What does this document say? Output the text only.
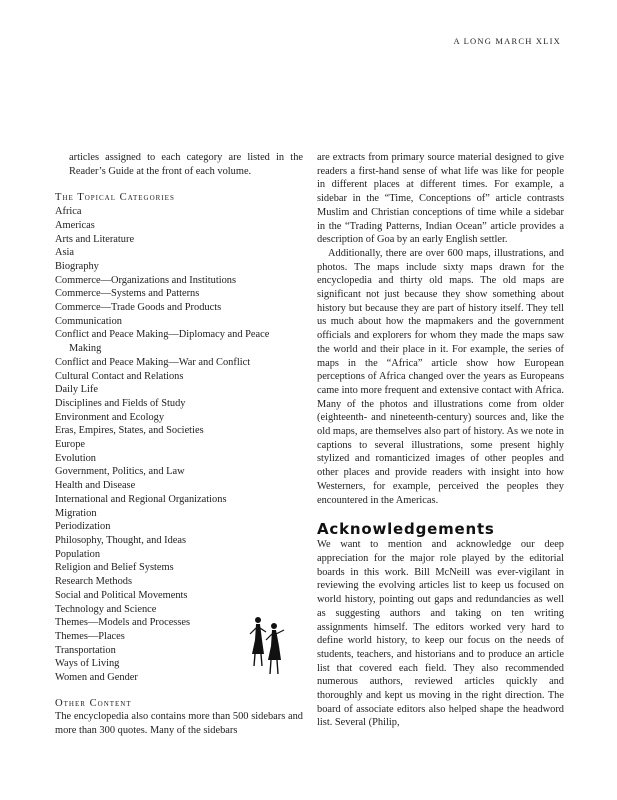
A LONG MARCH XLIX

articles assigned to each category are listed in the Reader’s Guide at the front of each volume.

The Topical Categories
Africa
Americas
Arts and Literature
Asia
Biography
Commerce—Organizations and Institutions
Commerce—Systems and Patterns
Commerce—Trade Goods and Products
Communication
Conflict and Peace Making—Diplomacy and Peace Making
Conflict and Peace Making—War and Conflict
Cultural Contact and Relations
Daily Life
Disciplines and Fields of Study
Environment and Ecology
Eras, Empires, States, and Societies
Europe
Evolution
Government, Politics, and Law
Health and Disease
International and Regional Organizations
Migration
Periodization
Philosophy, Thought, and Ideas
Population
Religion and Belief Systems
Research Methods
Social and Political Movements
Technology and Science
Themes—Models and Processes
Themes—Places
Transportation
Ways of Living
Women and Gender
Other Content

The encyclopedia also contains more than 500 sidebars and more than 300 quotes. Many of the sidebars

are extracts from primary source material designed to give readers a first-hand sense of what life was like for people in different places at different times. For example, a sidebar in the “Time, Conceptions of” article contrasts Muslim and Christian conceptions of time while a sidebar in the “Trading Patterns, Indian Ocean” article provides a description of Goa by an early English settler.

Additionally, there are over 600 maps, illustrations, and photos. The maps include sixty maps drawn for the encyclopedia and thirty old maps. The old maps are significant not just because they show something about history but because they are part of history itself. They tell us much about how the mapmakers and the government officials and explorers for whom they made the maps saw the world and their place in it. For example, the series of maps in the “Africa” article show how European perceptions of Africa changed over the years as Europeans came into more frequent and extensive contact with Africa. Many of the photos and illustrations come from older (eighteenth- and nineteenth-century) sources and, like the old maps, are themselves also part of history. As we note in captions to several illustrations, some present highly stylized and romanticized images of other peoples and other places and provide readers with insight into how Westerners, for example, perceived the peoples they encountered in the Americas.

Acknowledgements

We want to mention and acknowledge our deep appreciation for the major role played by the editorial boards in this work. Bill McNeill was ever-vigilant in reviewing the evolving articles list to keep us focused on world history, pointing out gaps and redundancies as well as suggesting authors and taking on ten writing assignments himself. The editors worked very hard to define world history, to keep our focus on the needs of students, teachers, and historians and to produce an article list that covered each field. They also recommended numerous authors, reviewed articles quickly and thoroughly and kept us moving in the right direction. The board of associate editors also helped shape the headword list. Several (Philip,
